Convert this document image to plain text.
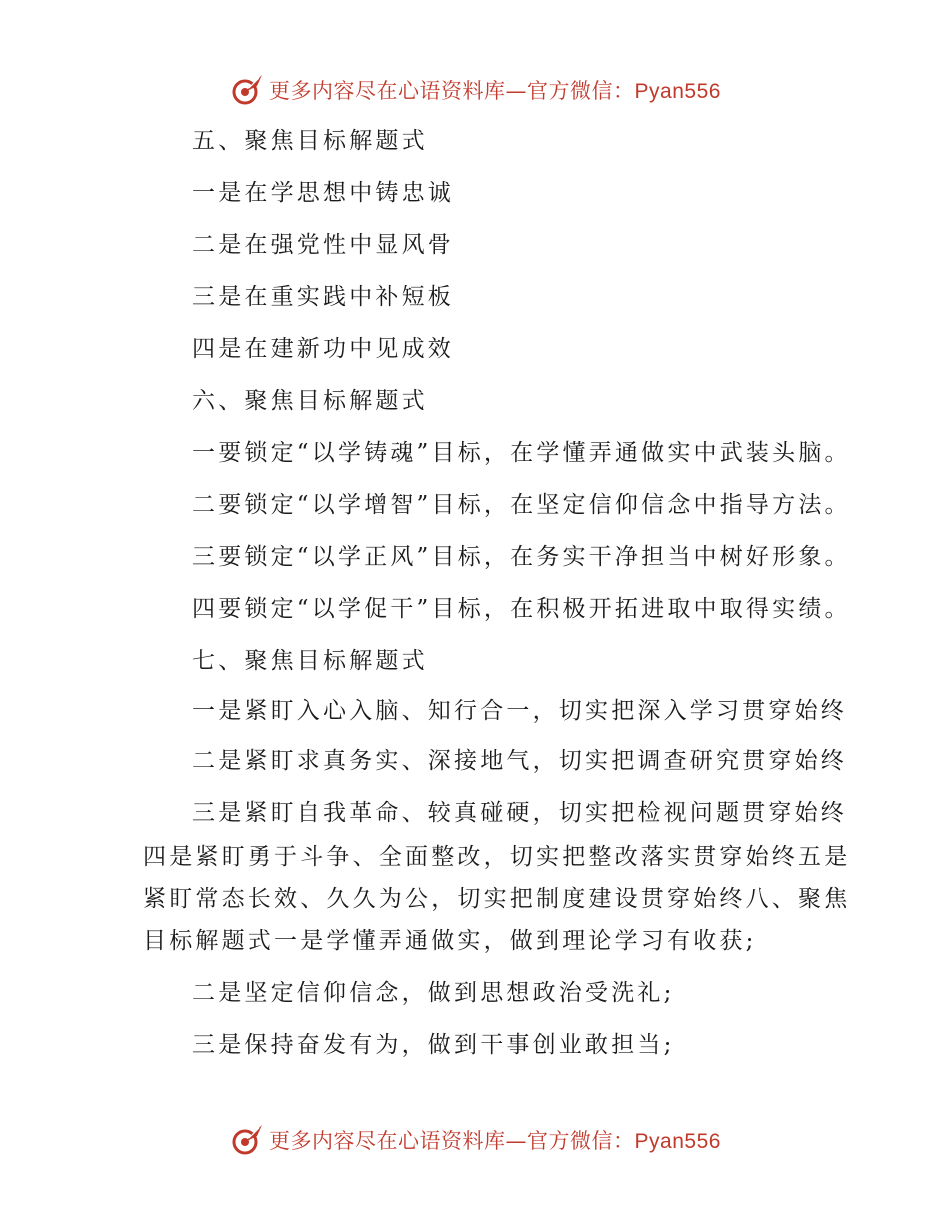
更多内容尽在心语资料库—官方微信：Pyan556
五、聚焦目标解题式
一是在学思想中铸忠诚
二是在强党性中显风骨
三是在重实践中补短板
四是在建新功中见成效
六、聚焦目标解题式
一要锁定“以学铸魂”目标，在学懂弄通做实中武装头脑。
二要锁定“以学增智”目标，在坚定信仰信念中指导方法。
三要锁定“以学正风”目标，在务实干净担当中树好形象。
四要锁定“以学促干”目标，在积极开拓进取中取得实绩。
七、聚焦目标解题式
一是紧盯入心入脑、知行合一，切实把深入学习贯穿始终
二是紧盯求真务实、深接地气，切实把调查研究贯穿始终
三是紧盯自我革命、较真碰硬，切实把检视问题贯穿始终
四是紧盯勇于斗争、全面整改，切实把整改落实贯穿始终五是
紧盯常态长效、久久为公，切实把制度建设贯穿始终八、聚焦
目标解题式一是学懂弄通做实，做到理论学习有收获;
二是坚定信仰信念，做到思想政治受洗礼;
三是保持奋发有为，做到干事创业敢担当;
更多内容尽在心语资料库—官方微信：Pyan556
